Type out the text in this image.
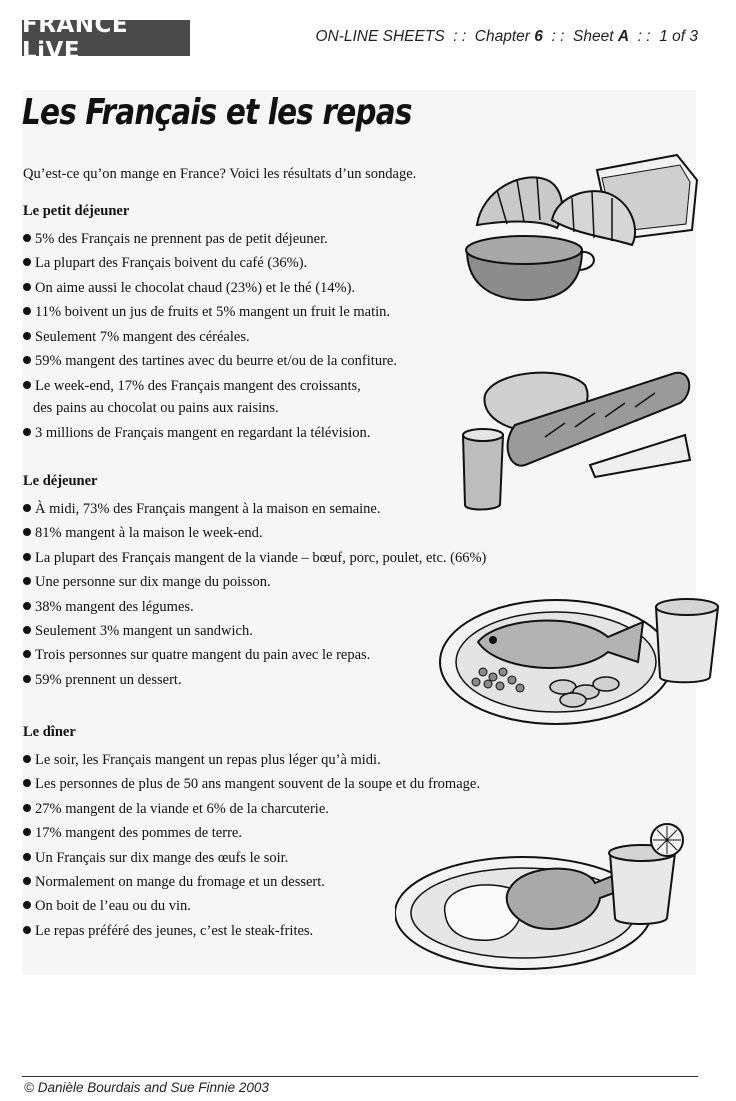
FRANCE LiVE
ON-LINE SHEETS  : :  Chapter 6  : :  Sheet A  : :  1 of 3
Les Français et les repas
Qu’est-ce qu’on mange en France? Voici les résultats d’un sondage.
Le petit déjeuner
5% des Français ne prennent pas de petit déjeuner.
La plupart des Français boivent du café (36%).
On aime aussi le chocolat chaud (23%) et le thé (14%).
11% boivent un jus de fruits et 5% mangent un fruit le matin.
Seulement 7% mangent des céréales.
59% mangent des tartines avec du beurre et/ou de la confiture.
Le week-end, 17% des Français mangent des croissants,
des pains au chocolat ou pains aux raisins.
3 millions de Français mangent en regardant la télévision.
Le déjeuner
À midi, 73% des Français mangent à la maison en semaine.
81% mangent à la maison le week-end.
La plupart des Français mangent de la viande – bœuf, porc, poulet, etc. (66%)
Une personne sur dix mange du poisson.
38% mangent des légumes.
Seulement 3% mangent un sandwich.
Trois personnes sur quatre mangent du pain avec le repas.
59% prennent un dessert.
Le dîner
Le soir, les Français mangent un repas plus léger qu’à midi.
Les personnes de plus de 50 ans mangent souvent de la soupe et du fromage.
27% mangent de la viande et 6% de la charcuterie.
17% mangent des pommes de terre.
Un Français sur dix mange des œufs le soir.
Normalement on mange du fromage et un dessert.
On boit de l’eau ou du vin.
Le repas préféré des jeunes, c’est le steak-frites.
© Danièle Bourdais and Sue Finnie 2003
